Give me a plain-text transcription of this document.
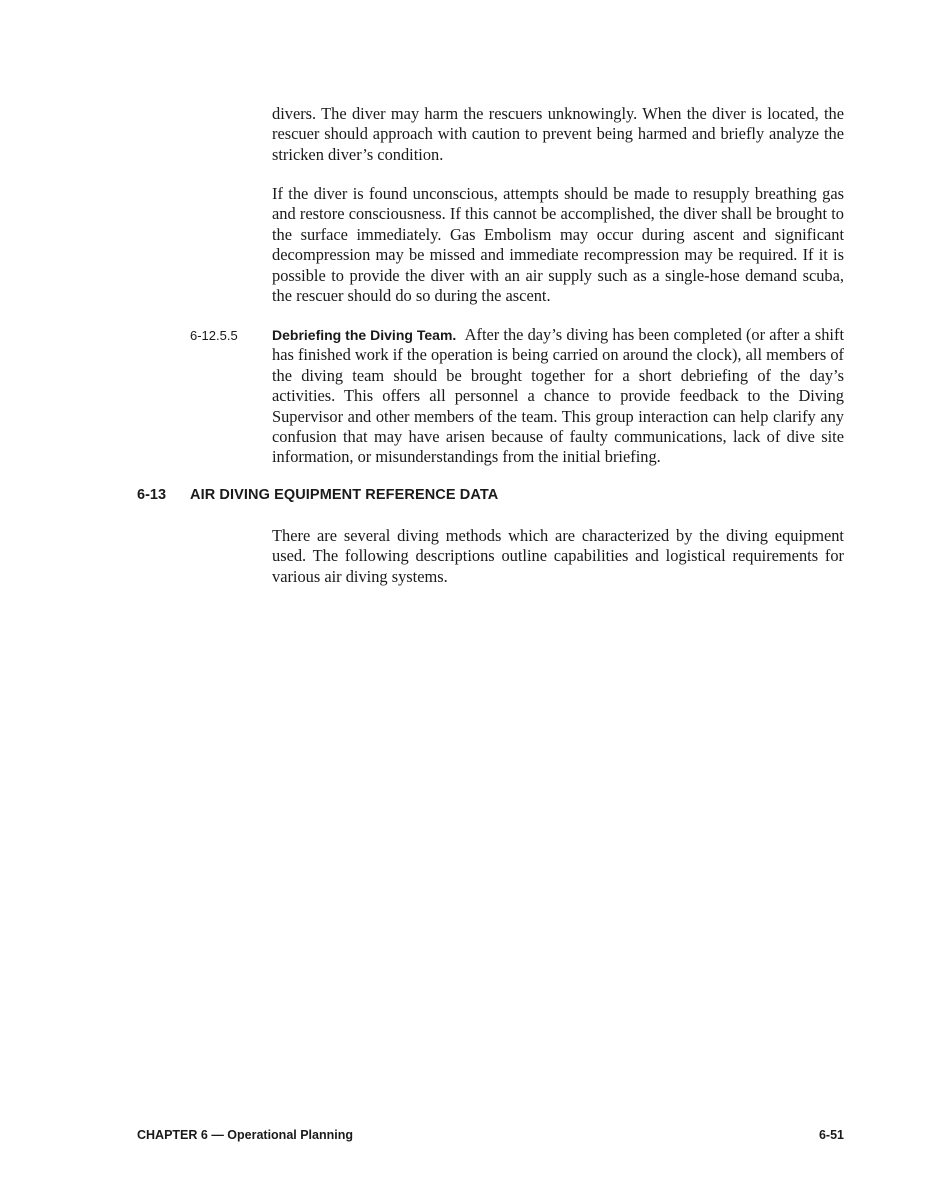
divers. The diver may harm the rescuers unknowingly. When the diver is located, the rescuer should approach with caution to prevent being harmed and briefly analyze the stricken diver’s condition.

If the diver is found unconscious, attempts should be made to resupply breathing gas and restore consciousness. If this cannot be accomplished, the diver shall be brought to the surface immediately. Gas Embolism may occur during ascent and significant decompression may be missed and immediate recompression may be required. If it is possible to provide the diver with an air supply such as a single-hose demand scuba, the rescuer should do so during the ascent.

6-12.5.5 Debriefing the Diving Team. After the day’s diving has been completed (or after a shift has finished work if the operation is being carried on around the clock), all members of the diving team should be brought together for a short debriefing of the day’s activities. This offers all personnel a chance to provide feedback to the Diving Supervisor and other members of the team. This group interaction can help clarify any confusion that may have arisen because of faulty communications, lack of dive site information, or misunderstandings from the initial briefing.

6-13 AIR DIVING EQUIPMENT REFERENCE DATA

There are several diving methods which are characterized by the diving equipment used. The following descriptions outline capabilities and logistical requirements for various air diving systems.

CHAPTER 6 — Operational Planning	6-51
